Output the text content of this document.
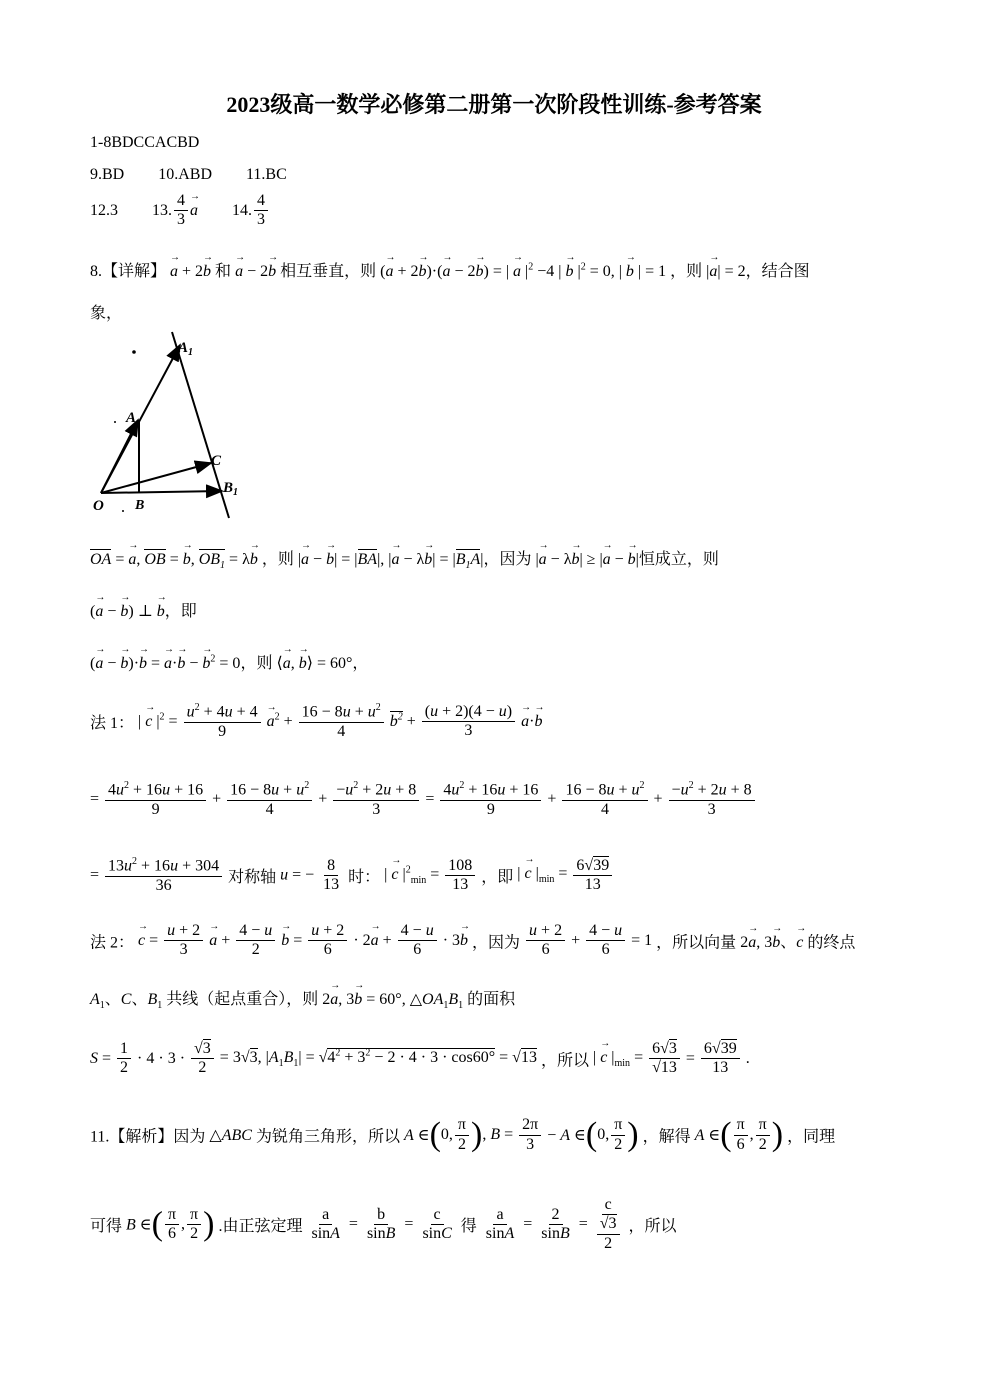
2023级高一数学必修第二册第一次阶段性训练-参考答案
1-8BDCCACBD
9.BD 10.ABD 11.BC
12.3 13. $\frac{4}{3}$
→ a 14. $\frac{4}{3}$
8.【详解】 → a + 2→ b 和 → a − 2→ b 相互垂直，则 (→ a + 2→ b)·(→ a − 2→ b) = | → a $|^2 -4$ | → b $|^2 = 0$, | → b | = 1 ，则 |→ a| = 2，结合图
象，
$A_1$
A
C
$B_1$
O B
OA = → a, OB = → b, $OB_1 = \lambda\to b$ ，则 |→ a − → b| = |BA|, |→ $a - \lambda\to b| = |B_1A|$，因为 |→ a − λ→ b| ≥ |→ a − → b|恒成立，则
(→ a − → b) ⊥ → b，即
(→ a − → b)·→ b = → a·→ b − → $b^2 = 0$，则 ⟨→ a, → b⟩ = 60°，
法 1： | → c $|^2 = \frac{u^2 + 4u + 4}{9}$
→ $a^2 + \frac{16 - 8u + u^2}{4} b^2 + \frac{(u + 2)(4 - u)}{3}$
→ a·→ b
= $\frac{4u^2 + 16u + 16}{9} + \frac{16 - 8u + u^2}{4} + \frac{-u^2 + 2u + 8}{3} = \frac{4u^2 + 16u + 16}{9} + \frac{16 - 8u + u^2}{4} + \frac{-u^2 + 2u + 8}{3}$
= $\frac{13u^2 + 16u + 304}{36}$ 对称轴 u = − $\frac{8}{13}$ 时： | → c $|^2_{min} = \frac{108}{13}$ ，即 | → c $|_{min} = \frac{6√39}{13}$
法 2： → $c = \frac{u + 2}{3}$
→ $a + \frac{4 - u}{2}$
→ $b = \frac{u + 2}{6} \cdot 2\to a + \frac{4 - u}{6} \cdot 3\to b$ ，因为 $\frac{u + 2}{6} + \frac{4 - u}{6} = 1$ ，所以向量 2→ a, 3→ b、→ c 的终点
$A_1$、C、$B_1$ 共线（起点重合），则 2→ a, 3→ b = 60°, $\triangle OA_1B_1$ 的面积
$S = \frac{1}{2} \cdot 4 \cdot 3 \cdot \frac{√3}{2} = 3√3$, $|A_1B_1| = √4^2 + 3^2 - 2 \cdot 4 \cdot 3 \cdot \cos 60^\circ = √13$ ，所以 | → c $|_{min} = \frac{6√3}{√13} = \frac{6√39}{13}$ .
11.【解析】因为 △ABC 为锐角三角形，所以 A ∈(0, $\frac{\pi}{2}$ ), $B = \frac{2\pi}{3} - A$ ∈(0, $\frac{\pi}{2}$ ) ，解得 A ∈( $\frac{\pi}{6}$ , $\frac{\pi}{2}$ ) ，同理
可得 B ∈( $\frac{\pi}{6}$ , $\frac{\pi}{2}$ ) .由正弦定理 $\frac{a}{\sin A} = \frac{b}{\sin B} = \frac{c}{\sin C}$ 得 $\frac{a}{\sin A} = \frac{2}{\sin B} = \frac{c}{\frac{√3}{2}}$ ，所以
